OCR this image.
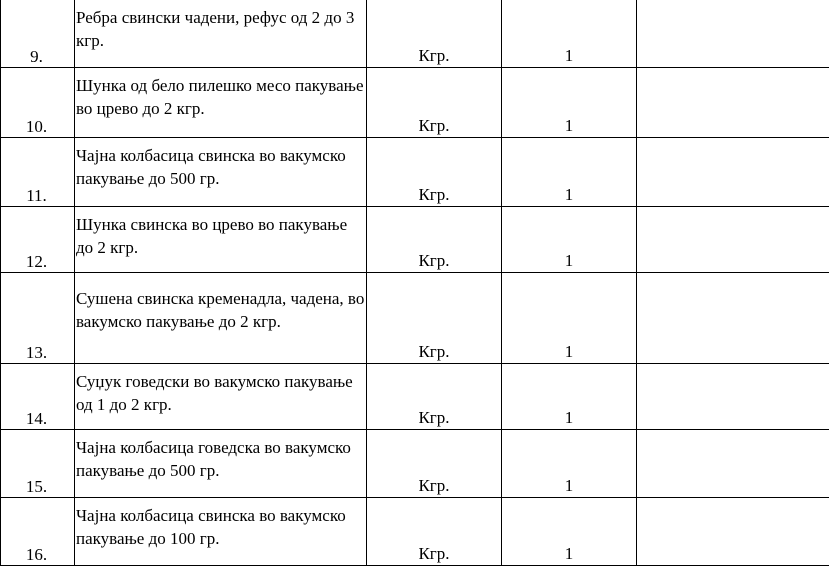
9.	Ребра свински чадени, рефус од 2 до 3 кгр.	Кгр.	1	
10.	Шунка од бело пилешко месо пакување во црево до 2 кгр.	Кгр.	1	
11.	Чајна колбасица свинска во вакумско пакување до 500 гр.	Кгр.	1	
12.	Шунка свинска во црево во пакување до 2 кгр.	Кгр.	1	
13.	Сушена свинска кременадла, чадена, во вакумско пакување до 2 кгр.	Кгр.	1	
14.	Суџук говедски во вакумско пакување од 1 до 2 кгр.	Кгр.	1	
15.	Чајна колбасица говедска во вакумско пакување до 500 гр.	Кгр.	1	
16.	Чајна колбасица свинска во вакумско пакување до 100 гр.	Кгр.	1	
